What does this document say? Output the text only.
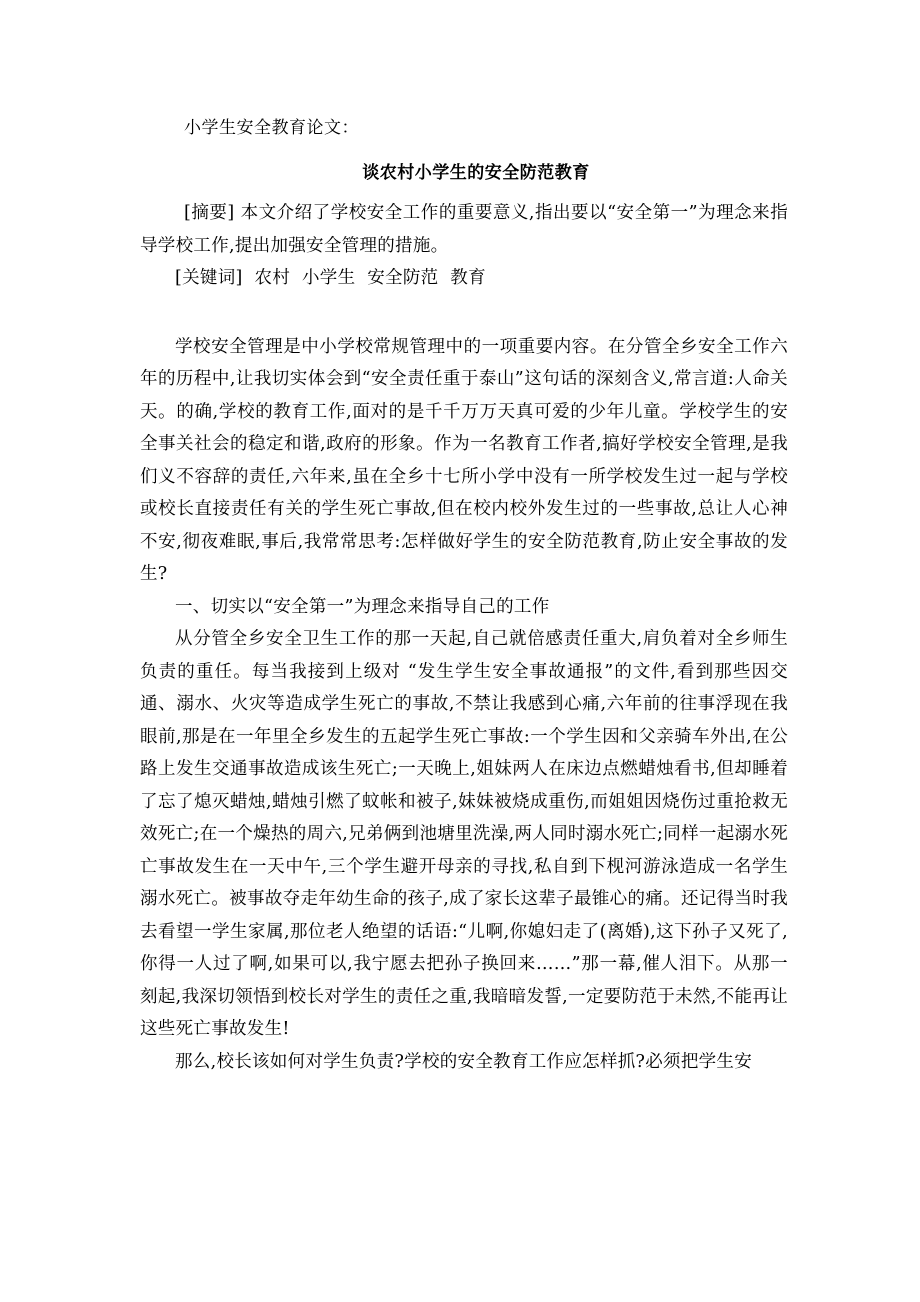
小学生安全教育论文：
谈农村小学生的安全防范教育

[摘要] 本文介绍了学校安全工作的重要意义,指出要以“安全第一”为理念来指导学校工作,提出加强安全管理的措施。

[关键词] 农村 小学生 安全防范 教育

学校安全管理是中小学校常规管理中的一项重要内容。在分管全乡安全工作六年的历程中,让我切实体会到“安全责任重于泰山”这句话的深刻含义,常言道:人命关天。的确,学校的教育工作,面对的是千千万万天真可爱的少年儿童。学校学生的安全事关社会的稳定和谐,政府的形象。作为一名教育工作者,搞好学校安全管理,是我们义不容辞的责任,六年来,虽在全乡十七所小学中没有一所学校发生过一起与学校或校长直接责任有关的学生死亡事故,但在校内校外发生过的一些事故,总让人心神不安,彻夜难眠,事后,我常常思考:怎样做好学生的安全防范教育,防止安全事故的发生?

一、切实以“安全第一”为理念来指导自己的工作

从分管全乡安全卫生工作的那一天起,自己就倍感责任重大,肩负着对全乡师生负责的重任。每当我接到上级对 “发生学生安全事故通报”的文件,看到那些因交通、溺水、火灾等造成学生死亡的事故,不禁让我感到心痛,六年前的往事浮现在我眼前,那是在一年里全乡发生的五起学生死亡事故:一个学生因和父亲骑车外出,在公路上发生交通事故造成该生死亡;一天晚上,姐妹两人在床边点燃蜡烛看书,但却睡着了忘了熄灭蜡烛,蜡烛引燃了蚊帐和被子,妹妹被烧成重伤,而姐姐因烧伤过重抢救无效死亡;在一个燥热的周六,兄弟俩到池塘里洗澡,两人同时溺水死亡;同样一起溺水死亡事故发生在一天中午,三个学生避开母亲的寻找,私自到下枧河游泳造成一名学生溺水死亡。被事故夺走年幼生命的孩子,成了家长这辈子最锥心的痛。还记得当时我去看望一学生家属,那位老人绝望的话语:“儿啊,你媳妇走了(离婚),这下孙子又死了,你得一人过了啊,如果可以,我宁愿去把孙子换回来……”那一幕,催人泪下。从那一刻起,我深切领悟到校长对学生的责任之重,我暗暗发誓,一定要防范于未然,不能再让这些死亡事故发生!

那么,校长该如何对学生负责?学校的安全教育工作应怎样抓?必须把学生安
